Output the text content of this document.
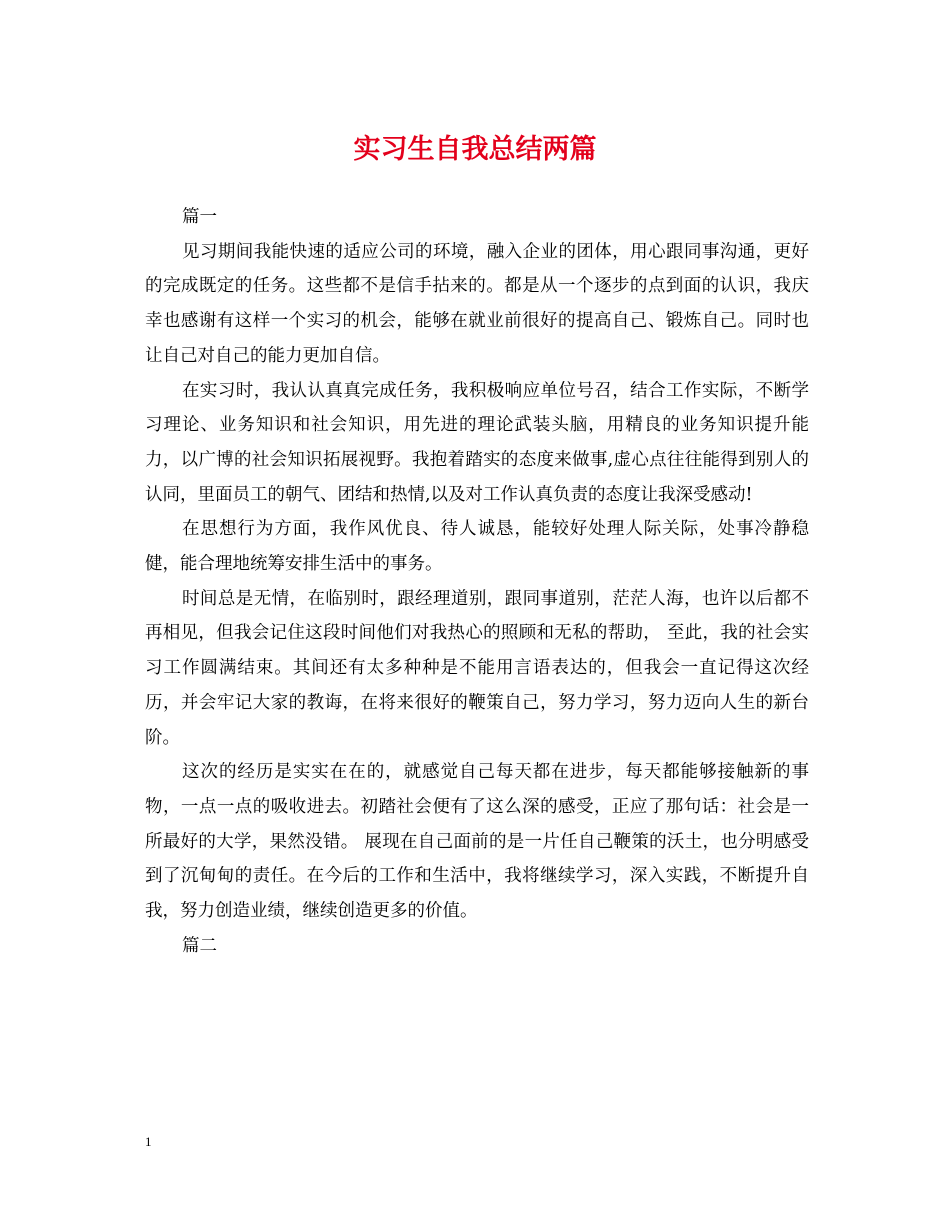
实习生自我总结两篇

篇一

见习期间我能快速的适应公司的环境，融入企业的团体，用心跟同事沟通，更好的完成既定的任务。这些都不是信手拈来的。都是从一个逐步的点到面的认识，我庆幸也感谢有这样一个实习的机会，能够在就业前很好的提高自己、锻炼自己。同时也让自己对自己的能力更加自信。

在实习时，我认认真真完成任务，我积极响应单位号召，结合工作实际，不断学习理论、业务知识和社会知识，用先进的理论武装头脑，用精良的业务知识提升能力，以广博的社会知识拓展视野。我抱着踏实的态度来做事,虚心点往往能得到别人的认同，里面员工的朝气、团结和热情,以及对工作认真负责的态度让我深受感动!

在思想行为方面，我作风优良、待人诚恳，能较好处理人际关际，处事冷静稳健，能合理地统筹安排生活中的事务。

时间总是无情，在临别时，跟经理道别，跟同事道别，茫茫人海，也许以后都不再相见，但我会记住这段时间他们对我热心的照顾和无私的帮助， 至此，我的社会实习工作圆满结束。其间还有太多种种是不能用言语表达的，但我会一直记得这次经历，并会牢记大家的教诲，在将来很好的鞭策自己，努力学习，努力迈向人生的新台阶。

这次的经历是实实在在的，就感觉自己每天都在进步，每天都能够接触新的事物，一点一点的吸收进去。初踏社会便有了这么深的感受，正应了那句话：社会是一所最好的大学，果然没错。 展现在自己面前的是一片任自己鞭策的沃土，也分明感受到了沉甸甸的责任。在今后的工作和生活中，我将继续学习，深入实践，不断提升自我，努力创造业绩，继续创造更多的价值。

篇二

1
